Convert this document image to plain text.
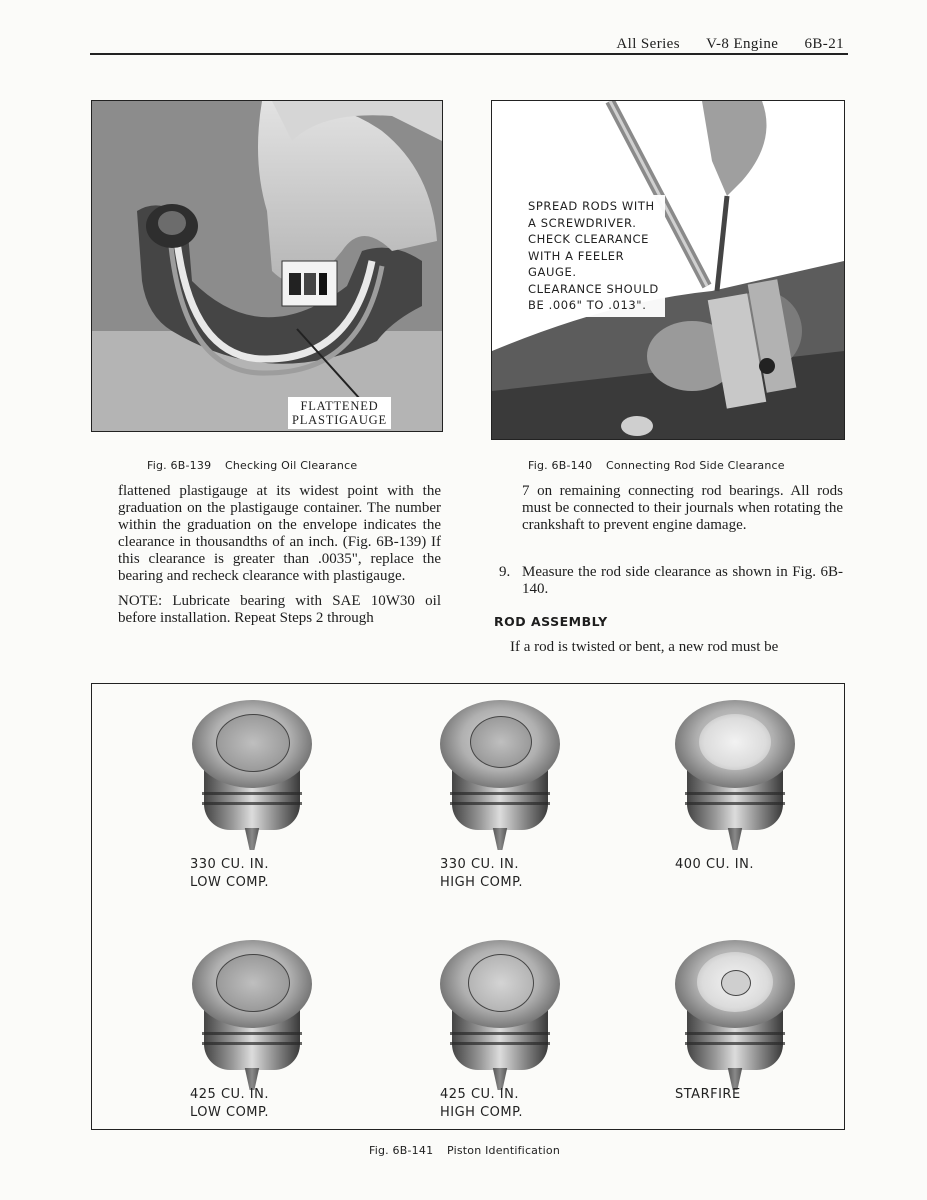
All Series V-8 Engine 6B-21
FLATTENED
PLASTIGAUGE
SPREAD RODS WITH
A SCREWDRIVER.
CHECK CLEARANCE
WITH A FEELER
GAUGE.
CLEARANCE SHOULD
BE .006" TO .013".
Fig. 6B-139 Checking Oil Clearance	Fig. 6B-140 Connecting Rod Side Clearance

flattened plastigauge at its widest point with the graduation on the plastigauge container. The number within the graduation on the envelope indicates the clearance in thousandths of an inch. (Fig. 6B-139) If this clearance is greater than .0035", replace the bearing and recheck clearance with plastigauge.

NOTE: Lubricate bearing with SAE 10W30 oil before installation. Repeat Steps 2 through

7 on remaining connecting rod bearings. All rods must be connected to their journals when rotating the crankshaft to prevent engine damage.

9. Measure the rod side clearance as shown in Fig. 6B-140.
ROD ASSEMBLY

If a rod is twisted or bent, a new rod must be

330 CU. IN.
LOW COMP.
330 CU. IN.
HIGH COMP.
400 CU. IN.
425 CU. IN.
LOW COMP.
425 CU. IN.
HIGH COMP.
STARFIRE
Fig. 6B-141 Piston Identification
